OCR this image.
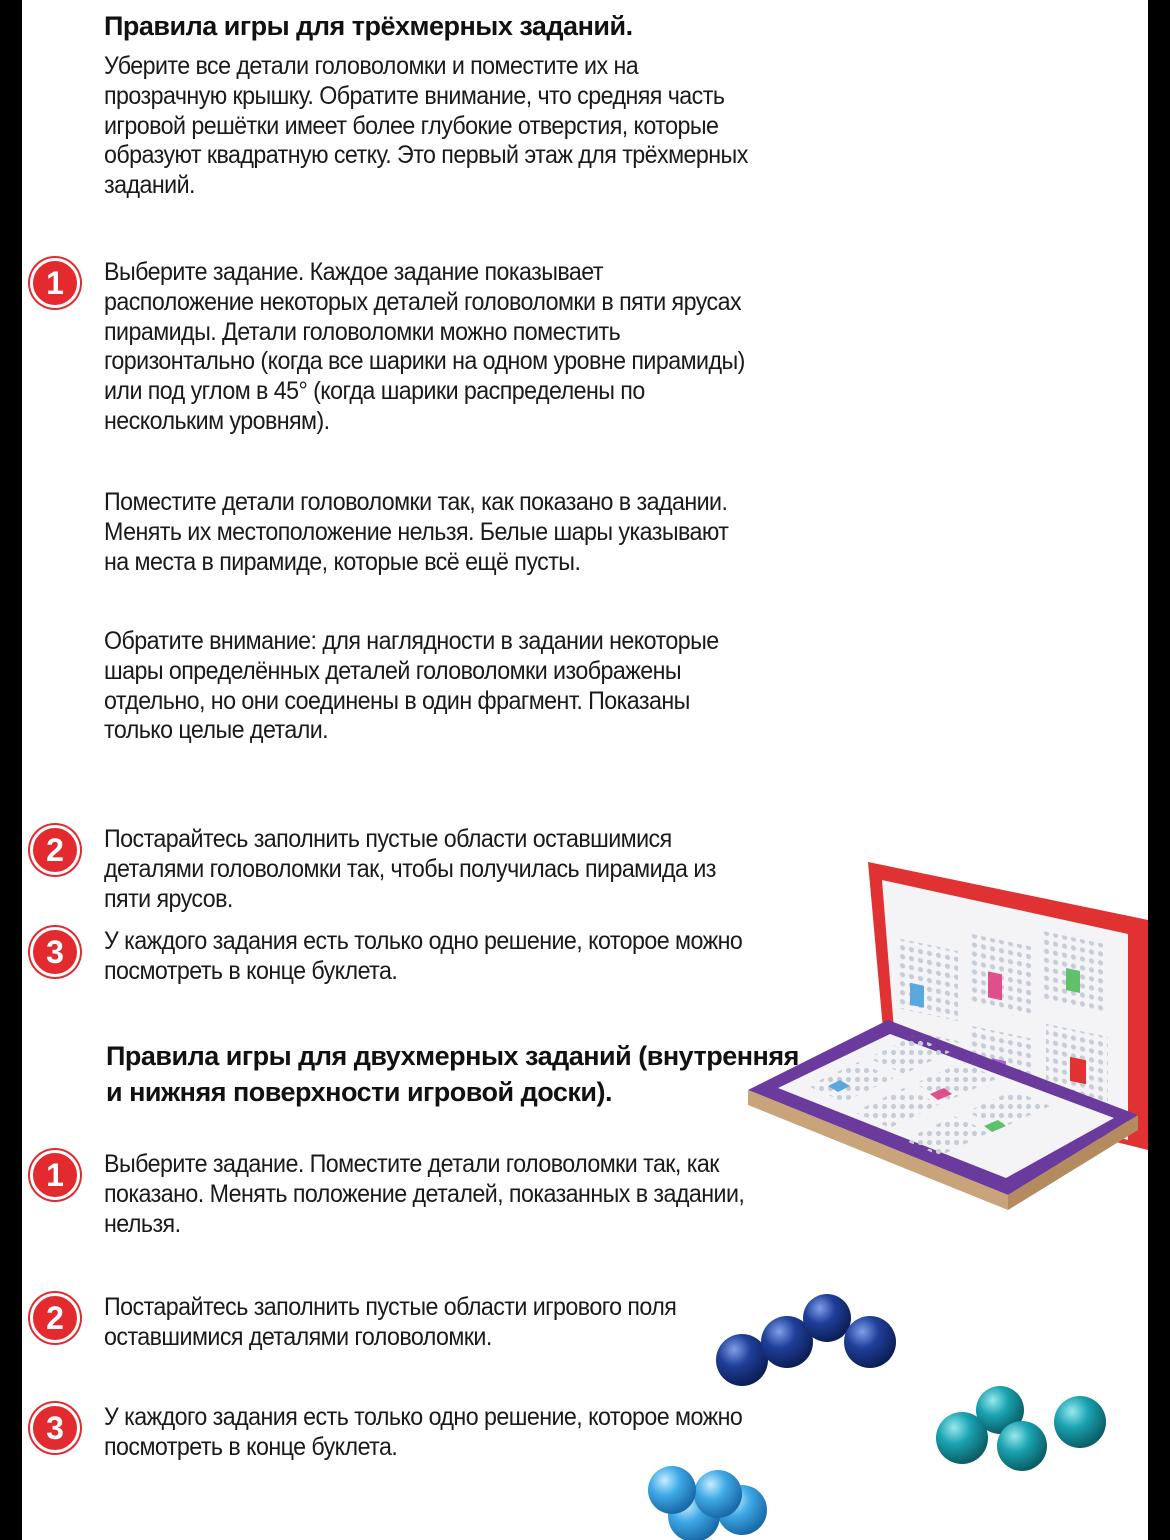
Правила игры для трёхмерных заданий.

Уберите все детали головоломки и поместите их на прозрачную крышку. Обратите внимание, что средняя часть игровой решётки имеет более глубокие отверстия, которые образуют квадратную сетку. Это первый этаж для трёхмерных заданий.

1	Выберите задание. Каждое задание показывает расположение некоторых деталей головоломки в пяти ярусах пирамиды. Детали головоломки можно поместить горизонтально (когда все шарики на одном уровне пирамиды) или под углом в 45° (когда шарики распределены по нескольким уровням).

Поместите детали головоломки так, как показано в задании. Менять их местоположение нельзя. Белые шары указывают на места в пирамиде, которые всё ещё пусты.

Обратите внимание: для наглядности в задании некоторые шары определённых деталей головоломки изображены отдельно, но они соединены в один фрагмент. Показаны только целые детали.

2	Постарайтесь заполнить пустые области оставшимися деталями головоломки так, чтобы получилась пирамида из пяти ярусов.

3	У каждого задания есть только одно решение, которое можно посмотреть в конце буклета.

Правила игры для двухмерных заданий (внутренняя и нижняя поверхности игровой доски).
1	Выберите задание. Поместите детали головоломки так, как показано. Менять положение деталей, показанных в задании, нельзя.

2	Постарайтесь заполнить пустые области игрового поля оставшимися деталями головоломки.

3	У каждого задания есть только одно решение, которое можно посмотреть в конце буклета.
